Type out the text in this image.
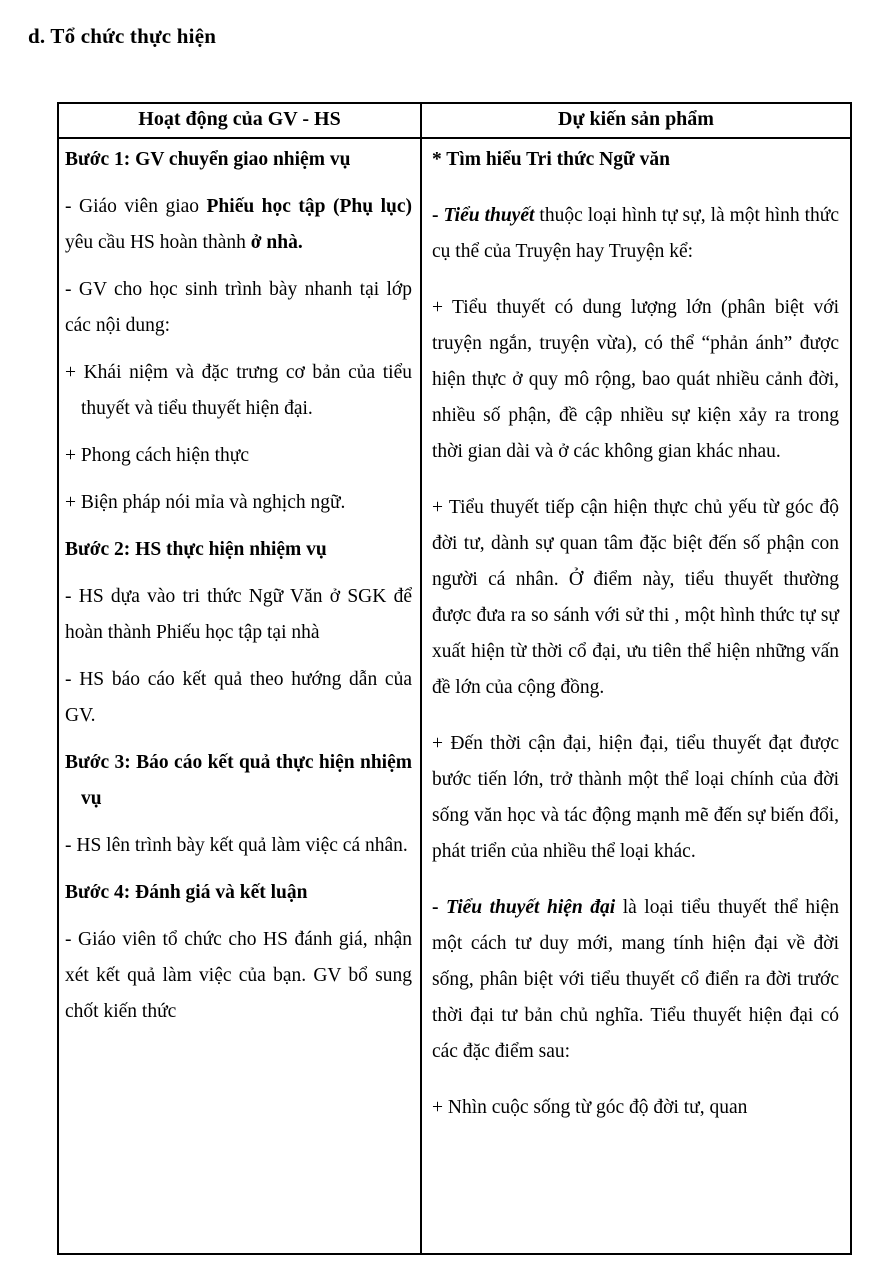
d. Tổ chức thực hiện
Hoạt động của GV - HS	Dự kiến sản phẩm

Bước 1: GV chuyển giao nhiệm vụ

- Giáo viên giao Phiếu học tập (Phụ lục) yêu cầu HS hoàn thành ở nhà.

- GV cho học sinh trình bày nhanh tại lớp các nội dung:

+ Khái niệm và đặc trưng cơ bản của tiểu thuyết và tiểu thuyết hiện đại.

+ Phong cách hiện thực

+ Biện pháp nói mỉa và nghịch ngữ.

Bước 2: HS thực hiện nhiệm vụ

- HS dựa vào tri thức Ngữ Văn ở SGK để hoàn thành Phiếu học tập tại nhà

- HS báo cáo kết quả theo hướng dẫn của GV.

Bước 3: Báo cáo kết quả thực hiện nhiệm vụ

- HS lên trình bày kết quả làm việc cá nhân.

Bước 4: Đánh giá và kết luận

- Giáo viên tổ chức cho HS đánh giá, nhận xét kết quả làm việc của bạn. GV bổ sung chốt kiến thức

* Tìm hiểu Tri thức Ngữ văn

- Tiểu thuyết thuộc loại hình tự sự, là một hình thức cụ thể của Truyện hay Truyện kể:

+ Tiểu thuyết có dung lượng lớn (phân biệt với truyện ngắn, truyện vừa), có thể “phản ánh” được hiện thực ở quy mô rộng, bao quát nhiều cảnh đời, nhiều số phận, đề cập nhiều sự kiện xảy ra trong thời gian dài và ở các không gian khác nhau.

+ Tiểu thuyết tiếp cận hiện thực chủ yếu từ góc độ đời tư, dành sự quan tâm đặc biệt đến số phận con người cá nhân. Ở điểm này, tiểu thuyết thường được đưa ra so sánh với sử thi , một hình thức tự sự xuất hiện từ thời cổ đại, ưu tiên thể hiện những vấn đề lớn của cộng đồng.

+ Đến thời cận đại, hiện đại, tiểu thuyết đạt được bước tiến lớn, trở thành một thể loại chính của đời sống văn học và tác động mạnh mẽ đến sự biến đổi, phát triển của nhiều thể loại khác.

- Tiểu thuyết hiện đại là loại tiểu thuyết thể hiện một cách tư duy mới, mang tính hiện đại về đời sống, phân biệt với tiểu thuyết cổ điển ra đời trước thời đại tư bản chủ nghĩa. Tiểu thuyết hiện đại có các đặc điểm sau:

+ Nhìn cuộc sống từ góc độ đời tư, quan
